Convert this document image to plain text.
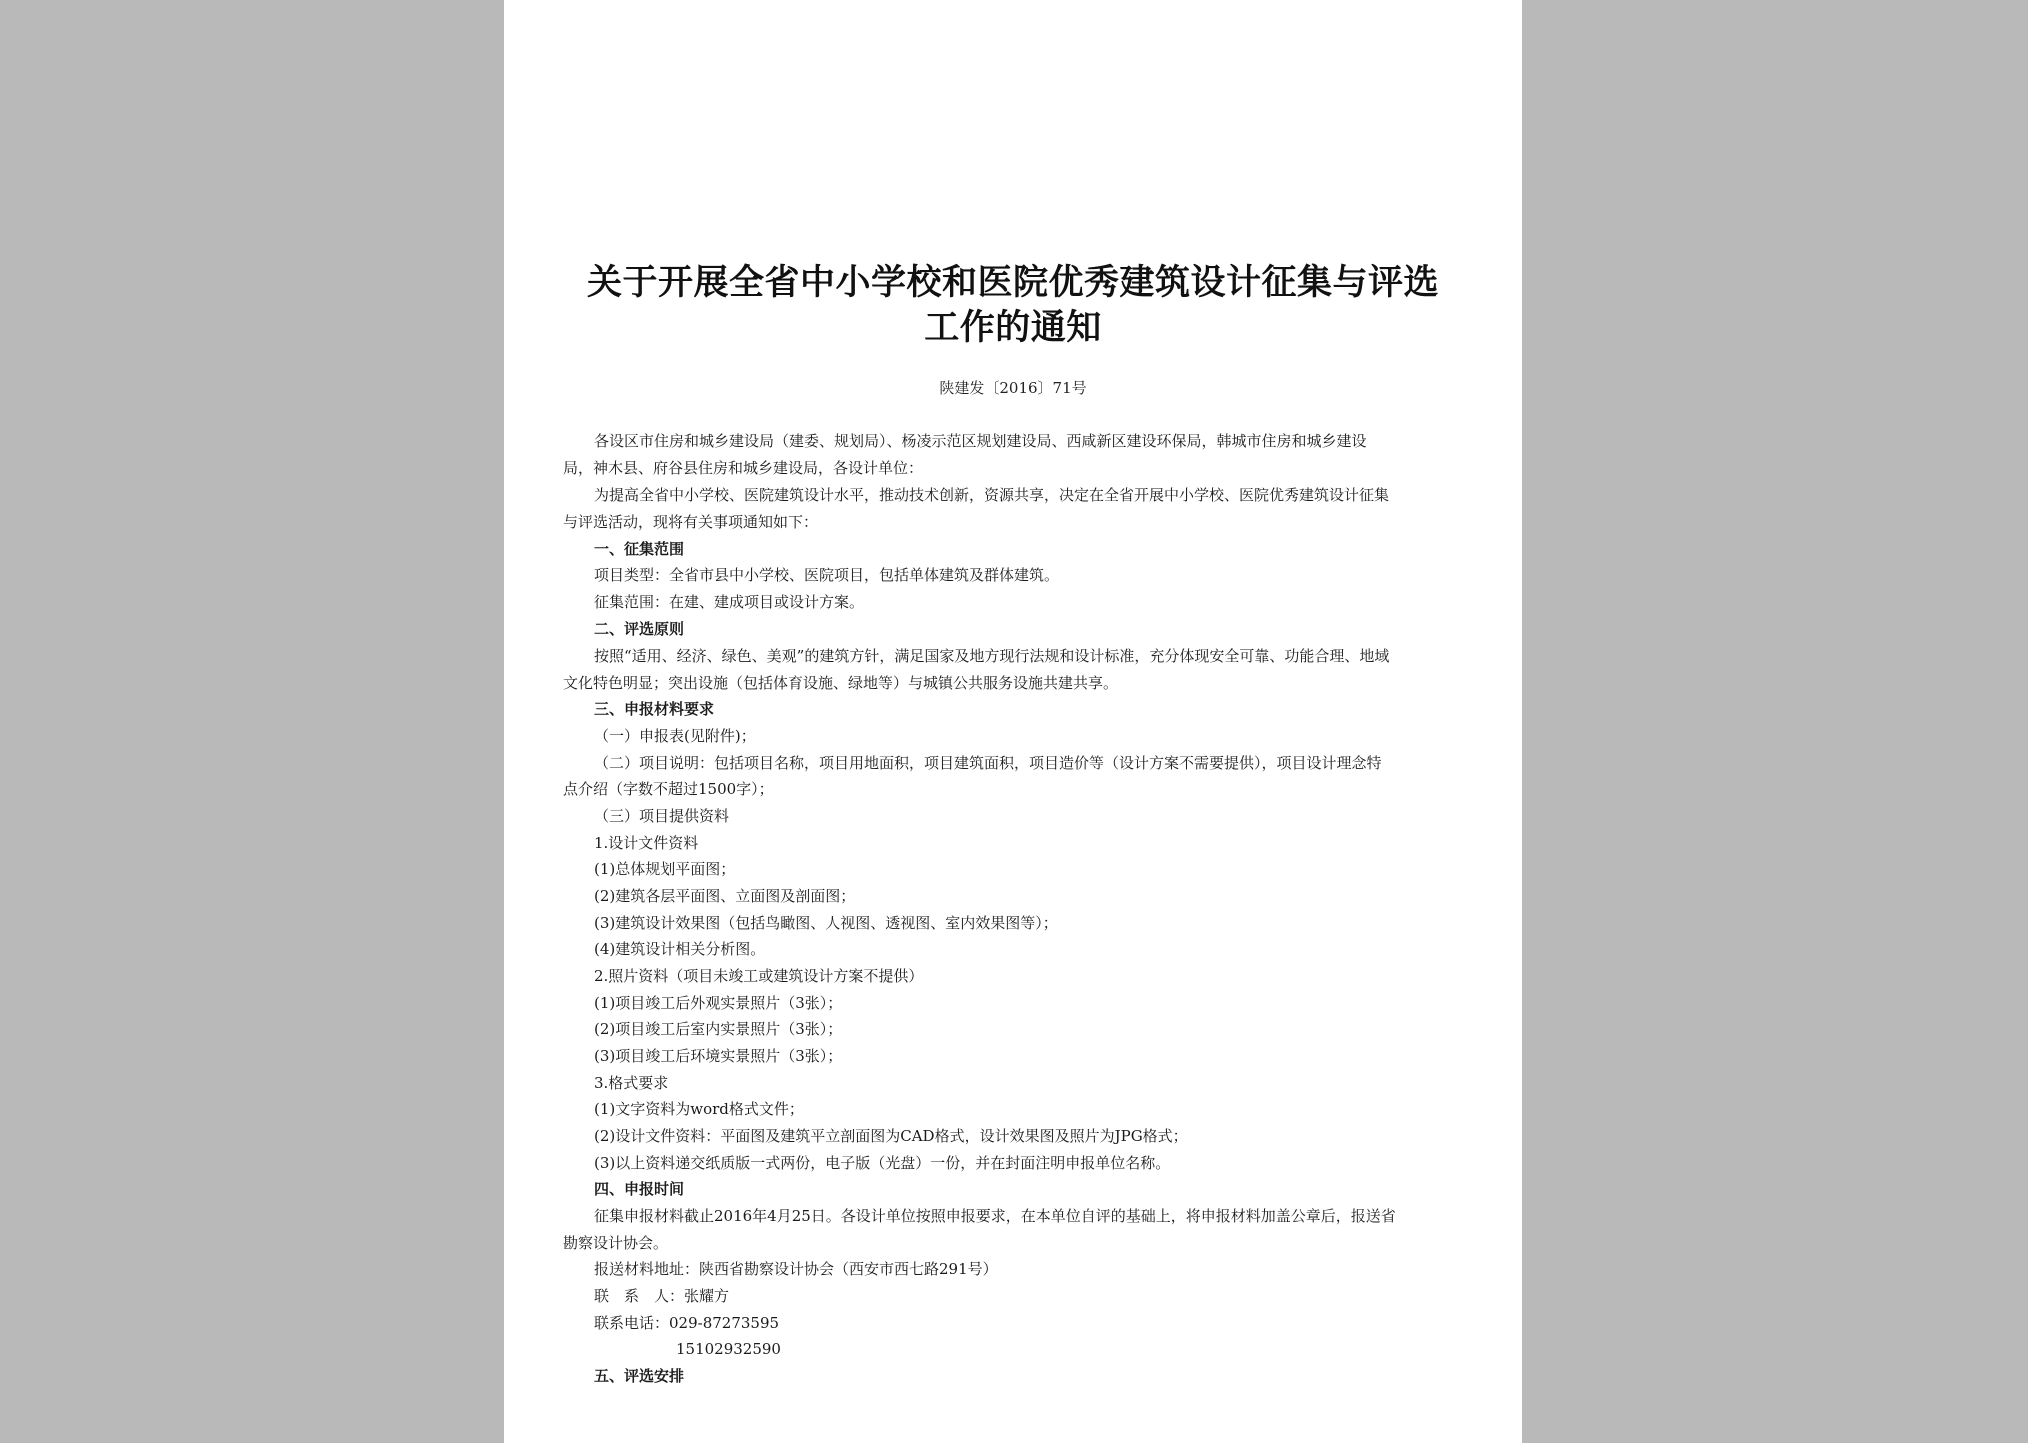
关于开展全省中小学校和医院优秀建筑设计征集与评选
工作的通知
陕建发〔2016〕71号
各设区市住房和城乡建设局（建委、规划局）、杨凌示范区规划建设局、西咸新区建设环保局，韩城市住房和城乡建设
局，神木县、府谷县住房和城乡建设局，各设计单位：
为提高全省中小学校、医院建筑设计水平，推动技术创新，资源共享，决定在全省开展中小学校、医院优秀建筑设计征集
与评选活动，现将有关事项通知如下：
一、征集范围
项目类型：全省市县中小学校、医院项目，包括单体建筑及群体建筑。
征集范围：在建、建成项目或设计方案。
二、评选原则
按照“适用、经济、绿色、美观”的建筑方针，满足国家及地方现行法规和设计标准，充分体现安全可靠、功能合理、地域
文化特色明显；突出设施（包括体育设施、绿地等）与城镇公共服务设施共建共享。
三、申报材料要求
（一）申报表(见附件)；
（二）项目说明：包括项目名称，项目用地面积，项目建筑面积，项目造价等（设计方案不需要提供），项目设计理念特
点介绍（字数不超过1500字）；
（三）项目提供资料
1.设计文件资料
(1)总体规划平面图；
(2)建筑各层平面图、立面图及剖面图；
(3)建筑设计效果图（包括鸟瞰图、人视图、透视图、室内效果图等）；
(4)建筑设计相关分析图。
2.照片资料（项目未竣工或建筑设计方案不提供）
(1)项目竣工后外观实景照片（3张）；
(2)项目竣工后室内实景照片（3张）；
(3)项目竣工后环境实景照片（3张）；
3.格式要求
(1)文字资料为word格式文件；
(2)设计文件资料：平面图及建筑平立剖面图为CAD格式，设计效果图及照片为JPG格式；
(3)以上资料递交纸质版一式两份，电子版（光盘）一份，并在封面注明申报单位名称。
四、申报时间
征集申报材料截止2016年4月25日。各设计单位按照申报要求，在本单位自评的基础上，将申报材料加盖公章后，报送省
勘察设计协会。
报送材料地址：陕西省勘察设计协会（西安市西七路291号）
联　系　人：张耀方
联系电话：029-87273595
15102932590
五、评选安排
